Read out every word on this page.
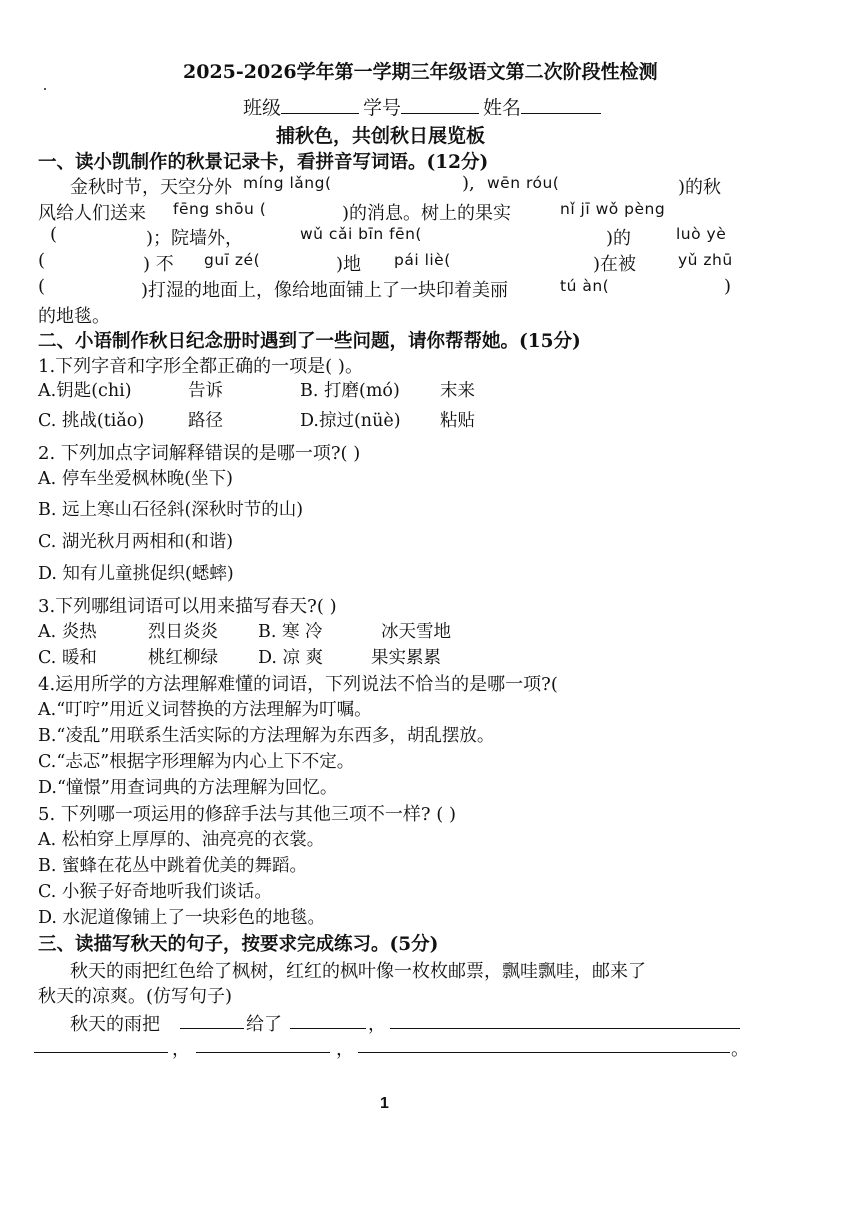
2025-2026学年第一学期三年级语文第二次阶段性检测
班级	学号	姓名
捕秋色，共创秋日展览板
一、读小凯制作的秋景记录卡，看拼音写词语。(12分)
金秋时节，天空分外 míng lǎng(	), wēn róu(	)的秋
风给人们送来 fēng shōu (	)的消息。树上的果实	nǐ jī wǒ pèng
(	)；院墙外，	wǔ cǎi bīn fēn(	)的	luò yè
(	) 不 guī zé(	)地 pái liè(	)在被	yǔ zhū
(	)打湿的地面上，像给地面铺上了一块印着美丽	tú àn(	)
的地毯。
二、小语制作秋日纪念册时遇到了一些问题，请你帮帮她。(15分)
1.下列字音和字形全都正确的一项是( )。
A.钥匙(chi)	告诉	B. 打磨(mó) 末来
C. 挑战(tiǎo)	路径	D.掠过(nüè) 粘贴
2. 下列加点字词解释错误的是哪一项?( )
A. 停车坐爱枫林晚(坐下)
B. 远上寒山石径斜(深秋时节的山)
C. 湖光秋月两相和(和谐)
D. 知有儿童挑促织(蟋蟀)
3.下列哪组词语可以用来描写春天?( )
A. 炎热	烈日炎炎 B. 寒 冷	冰天雪地
C. 暖和	桃红柳绿 D. 凉 爽	果实累累
4.运用所学的方法理解难懂的词语，下列说法不恰当的是哪一项?(
A.“叮咛”用近义词替换的方法理解为叮嘱。
B.“凌乱”用联系生活实际的方法理解为东西多，胡乱摆放。
C.“忐忑”根据字形理解为内心上下不定。
D.“憧憬”用查词典的方法理解为回忆。
5. 下列哪一项运用的修辞手法与其他三项不一样? ( )
A. 松柏穿上厚厚的、油亮亮的衣裳。
B. 蜜蜂在花丛中跳着优美的舞蹈。
C. 小猴子好奇地听我们谈话。
D. 水泥道像铺上了一块彩色的地毯。
三、读描写秋天的句子，按要求完成练习。(5分)
秋天的雨把红色给了枫树，红红的枫叶像一枚枚邮票，飘哇飘哇，邮来了
秋天的凉爽。(仿写句子)
秋天的雨把	给了	，
，	，	。
1
